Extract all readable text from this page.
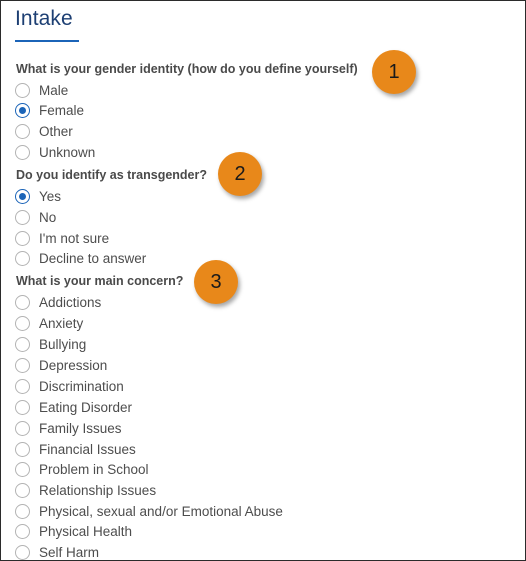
Intake
What is your gender identity (how do you define yourself)
Male
Female
Other
Unknown
Do you identify as transgender?
Yes
No
I'm not sure
Decline to answer
What is your main concern?
Addictions
Anxiety
Bullying
Depression
Discrimination
Eating Disorder
Family Issues
Financial Issues
Problem in School
Relationship Issues
Physical, sexual and/or Emotional Abuse
Physical Health
Self Harm
1
2
3
